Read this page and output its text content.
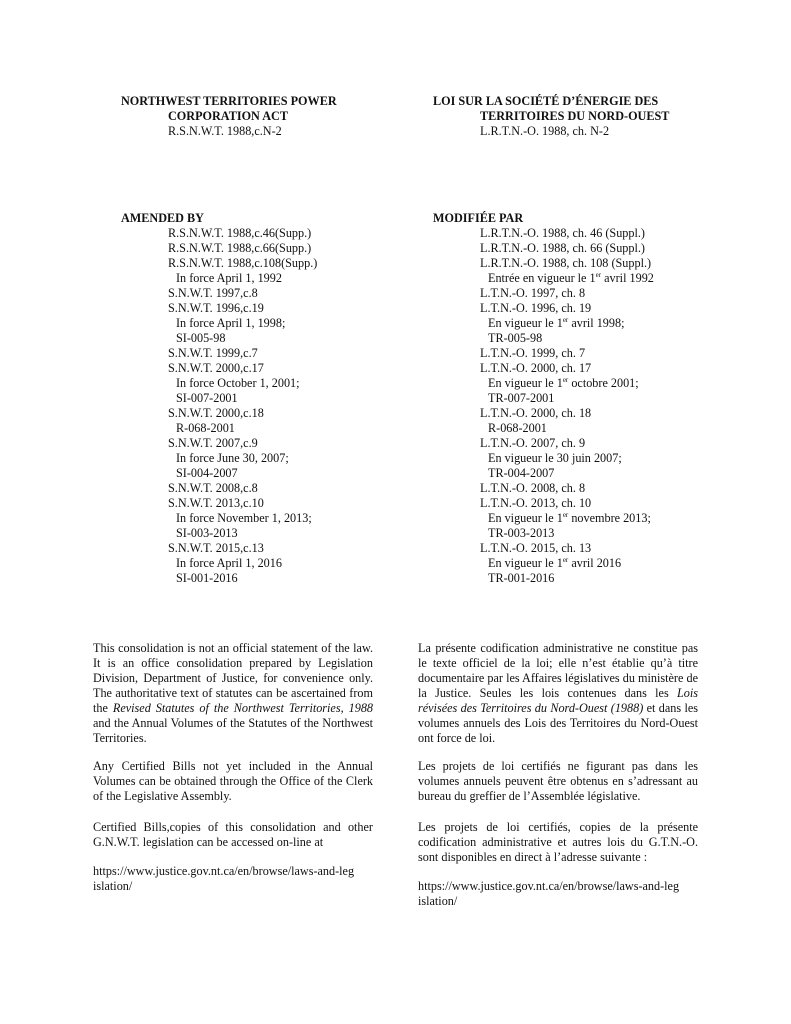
NORTHWEST TERRITORIES POWER
CORPORATION ACT
R.S.N.W.T. 1988,c.N-2
LOI SUR LA SOCIÉTÉ D’ÉNERGIE DES
TERRITOIRES DU NORD-OUEST
L.R.T.N.-O. 1988, ch. N-2
AMENDED BY
R.S.N.W.T. 1988,c.46(Supp.)
R.S.N.W.T. 1988,c.66(Supp.)
R.S.N.W.T. 1988,c.108(Supp.)
In force April 1, 1992
S.N.W.T. 1997,c.8
S.N.W.T. 1996,c.19
In force April 1, 1998;
SI-005-98
S.N.W.T. 1999,c.7
S.N.W.T. 2000,c.17
In force October 1, 2001;
SI-007-2001
S.N.W.T. 2000,c.18
R-068-2001
S.N.W.T. 2007,c.9
In force June 30, 2007;
SI-004-2007
S.N.W.T. 2008,c.8
S.N.W.T. 2013,c.10
In force November 1, 2013;
SI-003-2013
S.N.W.T. 2015,c.13
In force April 1, 2016
SI-001-2016
MODIFIÉE PAR
L.R.T.N.-O. 1988, ch. 46 (Suppl.)
L.R.T.N.-O. 1988, ch. 66 (Suppl.)
L.R.T.N.-O. 1988, ch. 108 (Suppl.)
Entrée en vigueur le 1er avril 1992
L.T.N.-O. 1997, ch. 8
L.T.N.-O. 1996, ch. 19
En vigueur le 1er avril 1998;
TR-005-98
L.T.N.-O. 1999, ch. 7
L.T.N.-O. 2000, ch. 17
En vigueur le 1er octobre 2001;
TR-007-2001
L.T.N.-O. 2000, ch. 18
R-068-2001
L.T.N.-O. 2007, ch. 9
En vigueur le 30 juin 2007;
TR-004-2007
L.T.N.-O. 2008, ch. 8
L.T.N.-O. 2013, ch. 10
En vigueur le 1er novembre 2013;
TR-003-2013
L.T.N.-O. 2015, ch. 13
En vigueur le 1er avril 2016
TR-001-2016
This consolidation is not an official statement of the law. It is an office consolidation prepared by Legislation Division, Department of Justice, for convenience only. The authoritative text of statutes can be ascertained from the Revised Statutes of the Northwest Territories, 1988 and the Annual Volumes of the Statutes of the Northwest Territories.
Any Certified Bills not yet included in the Annual Volumes can be obtained through the Office of the Clerk of the Legislative Assembly.
Certified Bills,copies of this consolidation and other G.N.W.T. legislation can be accessed on-line at
https://www.justice.gov.nt.ca/en/browse/laws-and-leg
islation/
La présente codification administrative ne constitue pas le texte officiel de la loi; elle n’est établie qu’à titre documentaire par les Affaires législatives du ministère de la Justice. Seules les lois contenues dans les Lois révisées des Territoires du Nord-Ouest (1988) et dans les volumes annuels des Lois des Territoires du Nord-Ouest ont force de loi.
Les projets de loi certifiés ne figurant pas dans les volumes annuels peuvent être obtenus en s’adressant au bureau du greffier de l’Assemblée législative.
Les projets de loi certifiés, copies de la présente codification administrative et autres lois du G.T.N.-O. sont disponibles en direct à l’adresse suivante :
https://www.justice.gov.nt.ca/en/browse/laws-and-leg
islation/
